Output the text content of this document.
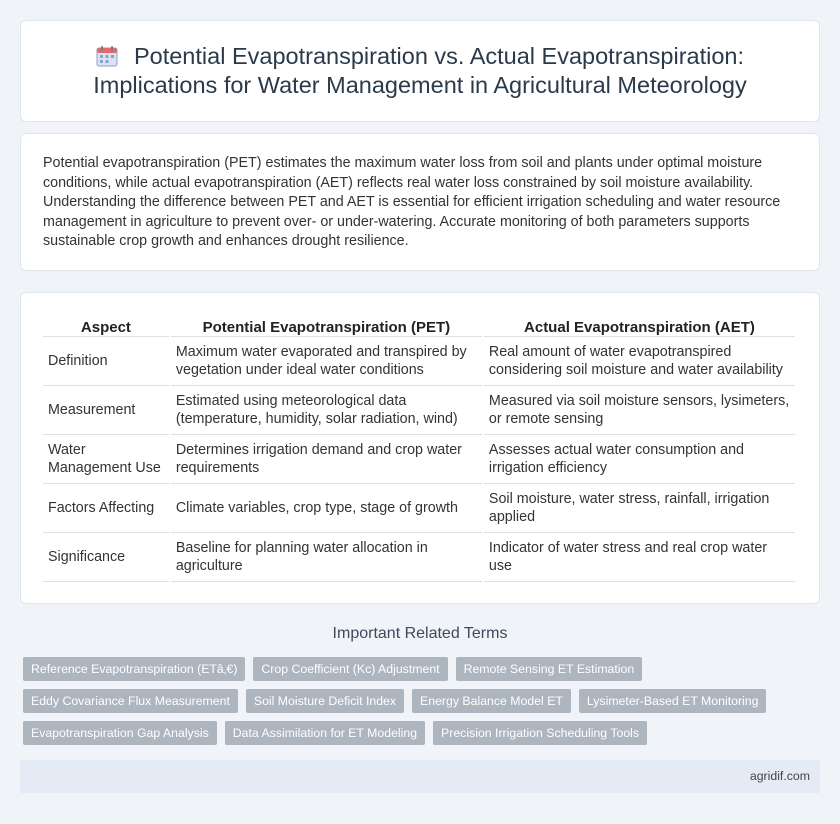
Potential Evapotranspiration vs. Actual Evapotranspiration: Implications for Water Management in Agricultural Meteorology

Potential evapotranspiration (PET) estimates the maximum water loss from soil and plants under optimal moisture conditions, while actual evapotranspiration (AET) reflects real water loss constrained by soil moisture availability. Understanding the difference between PET and AET is essential for efficient irrigation scheduling and water resource management in agriculture to prevent over- or under-watering. Accurate monitoring of both parameters supports sustainable crop growth and enhances drought resilience.

Aspect	Potential Evapotranspiration (PET)	Actual Evapotranspiration (AET)
Definition	Maximum water evaporated and transpired by vegetation under ideal water conditions	Real amount of water evapotranspired considering soil moisture and water availability
Measurement	Estimated using meteorological data (temperature, humidity, solar radiation, wind)	Measured via soil moisture sensors, lysimeters, or remote sensing
Water Management Use	Determines irrigation demand and crop water requirements	Assesses actual water consumption and irrigation efficiency
Factors Affecting	Climate variables, crop type, stage of growth	Soil moisture, water stress, rainfall, irrigation applied
Significance	Baseline for planning water allocation in agriculture	Indicator of water stress and real crop water use
Important Related Terms
Reference Evapotranspiration (ETâ‚€)	Crop Coefficient (Kc) Adjustment	Remote Sensing ET Estimation
Eddy Covariance Flux Measurement	Soil Moisture Deficit Index	Energy Balance Model ET	Lysimeter-Based ET Monitoring
Evapotranspiration Gap Analysis	Data Assimilation for ET Modeling	Precision Irrigation Scheduling Tools
agridif.com
